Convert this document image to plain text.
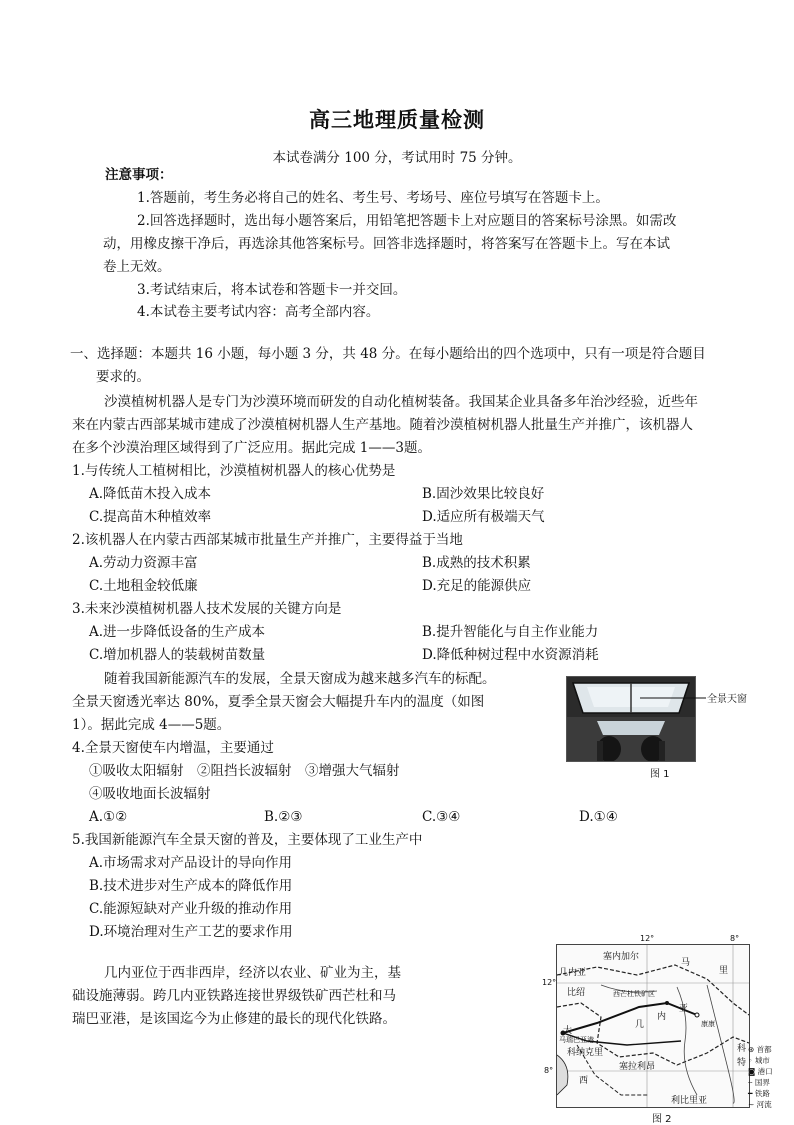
高三地理质量检测
本试卷满分 100 分，考试用时 75 分钟。
注意事项：
1.答题前，考生务必将自己的姓名、考生号、考场号、座位号填写在答题卡上。
2.回答选择题时，选出每小题答案后，用铅笔把答题卡上对应题目的答案标号涂黑。如需改
动，用橡皮擦干净后，再选涂其他答案标号。回答非选择题时，将答案写在答题卡上。写在本试
卷上无效。
3.考试结束后，将本试卷和答题卡一并交回。
4.本试卷主要考试内容：高考全部内容。
一、选择题：本题共 16 小题，每小题 3 分，共 48 分。在每小题给出的四个选项中，只有一项是符合题目
要求的。
沙漠植树机器人是专门为沙漠环境而研发的自动化植树装备。我国某企业具备多年治沙经验，近些年
来在内蒙古西部某城市建成了沙漠植树机器人生产基地。随着沙漠植树机器人批量生产并推广，该机器人
在多个沙漠治理区域得到了广泛应用。据此完成 1——3题。
1.与传统人工植树相比，沙漠植树机器人的核心优势是
A.降低苗木投入成本	B.固沙效果比较良好
C.提高苗木种植效率	D.适应所有极端天气
2.该机器人在内蒙古西部某城市批量生产并推广，主要得益于当地
A.劳动力资源丰富	B.成熟的技术积累
C.土地租金较低廉	D.充足的能源供应
3.未来沙漠植树机器人技术发展的关键方向是
A.进一步降低设备的生产成本	B.提升智能化与自主作业能力
C.增加机器人的装载树苗数量	D.降低种树过程中水资源消耗
随着我国新能源汽车的发展，全景天窗成为越来越多汽车的标配。
全景天窗透光率达 80%，夏季全景天窗会大幅提升车内的温度（如图
1）。据此完成 4——5题。
全景天窗
图 1
4.全景天窗使车内增温，主要通过
①吸收太阳辐射　②阻挡长波辐射　③增强大气辐射
④吸收地面长波辐射
A.①②	B.②③	C.③④	D.①④
5.我国新能源汽车全景天窗的普及，主要体现了工业生产中
A.市场需求对产品设计的导向作用
B.技术进步对生产成本的降低作用
C.能源短缺对产业升级的推动作用
D.环境治理对生产工艺的要求作用
几内亚位于西非西岸，经济以农业、矿业为主，基
础设施薄弱。跨几内亚铁路连接世界级铁矿西芒杜和马
瑞巴亚港，是该国迄今为止修建的最长的现代化铁路。
塞内加尔
马
里
几内亚
比绍
几
内
亚
大
西
科纳克里
塞拉利昂
利比里亚
马瑞巴亚港
西芒杜铁矿区
康康
科
特
12°	8°
12°
8°
⊛ 首都
◦ 城市
◙ 港口
┄ 国界
━ 铁路
∼ 河流
图 2
